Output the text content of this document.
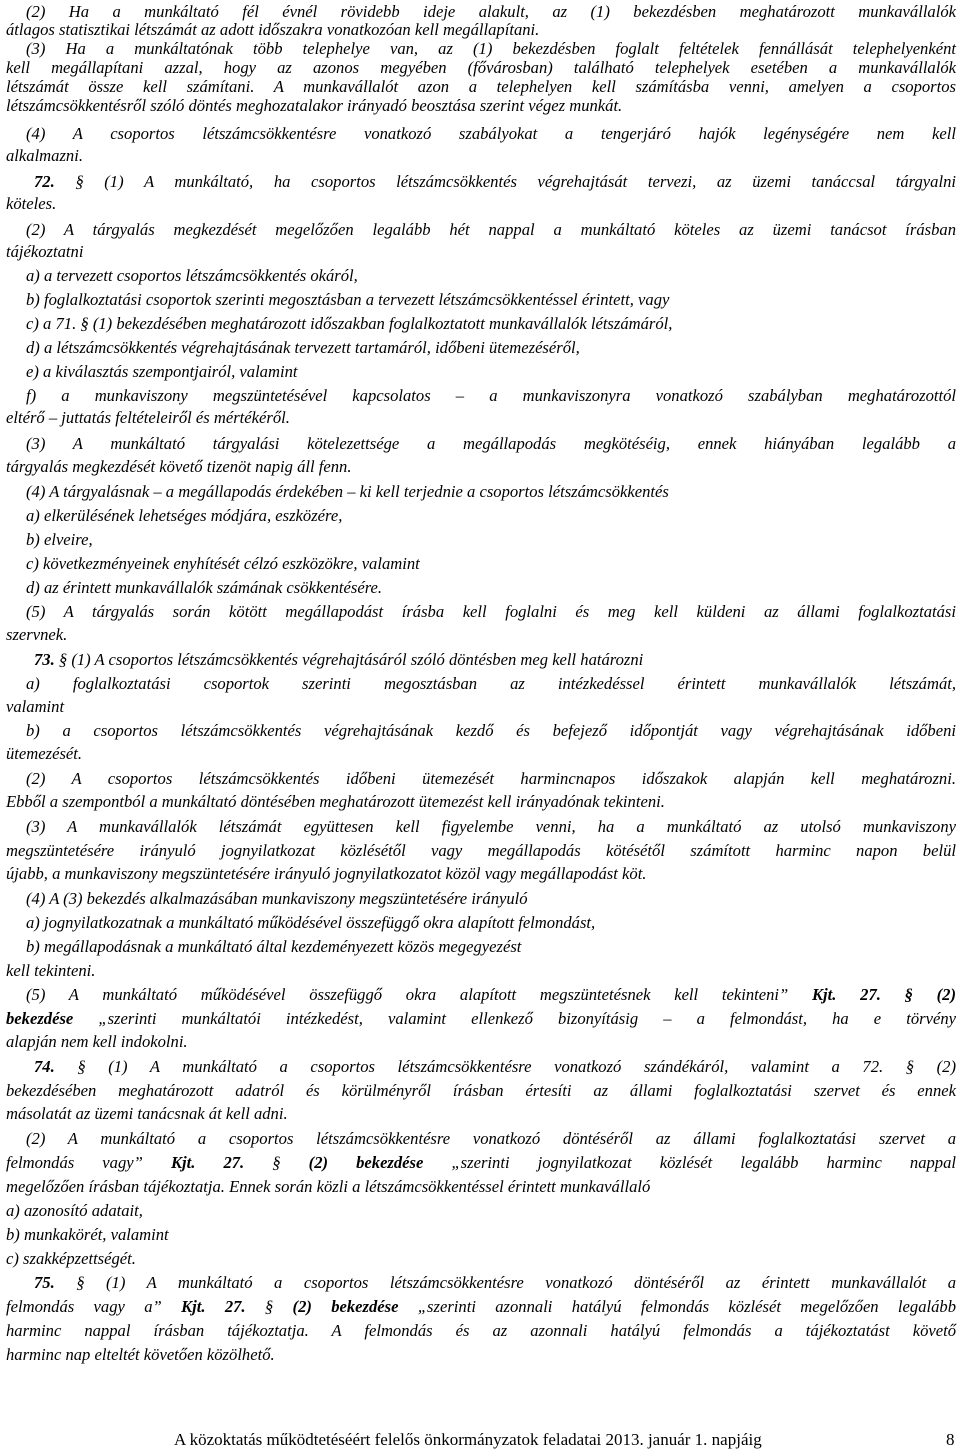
(2) Ha a munkáltató fél évnél rövidebb ideje alakult, az (1) bekezdésben meghatározott munkavállalók
átlagos statisztikai létszámát az adott időszakra vonatkozóan kell megállapítani.
(3) Ha a munkáltatónak több telephelye van, az (1) bekezdésben foglalt feltételek fennállását telephelyenként
kell megállapítani azzal, hogy az azonos megyében (fővárosban) található telephelyek esetében a munkavállalók
létszámát össze kell számítani. A munkavállalót azon a telephelyen kell számításba venni, amelyen a csoportos
létszámcsökkentésről szóló döntés meghozatalakor irányadó beosztása szerint végez munkát.
(4) A csoportos létszámcsökkentésre vonatkozó szabályokat a tengerjáró hajók legénységére nem kell
alkalmazni.
72. § (1) A munkáltató, ha csoportos létszámcsökkentés végrehajtását tervezi, az üzemi tanáccsal tárgyalni
köteles.
(2) A tárgyalás megkezdését megelőzően legalább hét nappal a munkáltató köteles az üzemi tanácsot írásban
tájékoztatni
a) a tervezett csoportos létszámcsökkentés okáról,
b) foglalkoztatási csoportok szerinti megosztásban a tervezett létszámcsökkentéssel érintett, vagy
c) a 71. § (1) bekezdésében meghatározott időszakban foglalkoztatott munkavállalók létszámáról,
d) a létszámcsökkentés végrehajtásának tervezett tartamáról, időbeni ütemezéséről,
e) a kiválasztás szempontjairól, valamint
f) a munkaviszony megszüntetésével kapcsolatos – a munkaviszonyra vonatkozó szabályban meghatározottól
eltérő – juttatás feltételeiről és mértékéről.
(3) A munkáltató tárgyalási kötelezettsége a megállapodás megkötéséig, ennek hiányában legalább a
tárgyalás megkezdését követő tizenöt napig áll fenn.
(4) A tárgyalásnak – a megállapodás érdekében – ki kell terjednie a csoportos létszámcsökkentés
a) elkerülésének lehetséges módjára, eszközére,
b) elveire,
c) következményeinek enyhítését célzó eszközökre, valamint
d) az érintett munkavállalók számának csökkentésére.
(5) A tárgyalás során kötött megállapodást írásba kell foglalni és meg kell küldeni az állami foglalkoztatási
szervnek.
73. § (1) A csoportos létszámcsökkentés végrehajtásáról szóló döntésben meg kell határozni
a) foglalkoztatási csoportok szerinti megosztásban az intézkedéssel érintett munkavállalók létszámát,
valamint
b) a csoportos létszámcsökkentés végrehajtásának kezdő és befejező időpontját vagy végrehajtásának időbeni
ütemezését.
(2) A csoportos létszámcsökkentés időbeni ütemezését harmincnapos időszakok alapján kell meghatározni.
Ebből a szempontból a munkáltató döntésében meghatározott ütemezést kell irányadónak tekinteni.
(3) A munkavállalók létszámát együttesen kell figyelembe venni, ha a munkáltató az utolsó munkaviszony
megszüntetésére irányuló jognyilatkozat közlésétől vagy megállapodás kötésétől számított harminc napon belül
újabb, a munkaviszony megszüntetésére irányuló jognyilatkozatot közöl vagy megállapodást köt.
(4) A (3) bekezdés alkalmazásában munkaviszony megszüntetésére irányuló
a) jognyilatkozatnak a munkáltató működésével összefüggő okra alapított felmondást,
b) megállapodásnak a munkáltató által kezdeményezett közös megegyezést
kell tekinteni.
(5) A munkáltató működésével összefüggő okra alapított megszüntetésnek kell tekinteni” Kjt. 27. § (2)
bekezdése „szerinti munkáltatói intézkedést, valamint ellenkező bizonyításig – a felmondást, ha e törvény
alapján nem kell indokolni.
74. § (1) A munkáltató a csoportos létszámcsökkentésre vonatkozó szándékáról, valamint a 72. § (2)
bekezdésében meghatározott adatról és körülményről írásban értesíti az állami foglalkoztatási szervet és ennek
másolatát az üzemi tanácsnak át kell adni.
(2) A munkáltató a csoportos létszámcsökkentésre vonatkozó döntéséről az állami foglalkoztatási szervet a
felmondás vagy” Kjt. 27. § (2) bekezdése „szerinti jognyilatkozat közlését legalább harminc nappal
megelőzően írásban tájékoztatja. Ennek során közli a létszámcsökkentéssel érintett munkavállaló
a) azonosító adatait,
b) munkakörét, valamint
c) szakképzettségét.
75. § (1) A munkáltató a csoportos létszámcsökkentésre vonatkozó döntéséről az érintett munkavállalót a
felmondás vagy a” Kjt. 27. § (2) bekezdése „szerinti azonnali hatályú felmondás közlését megelőzően legalább
harminc nappal írásban tájékoztatja. A felmondás és az azonnali hatályú felmondás a tájékoztatást követő
harminc nap elteltét követően közölhető.
A közoktatás működtetéséért felelős önkormányzatok feladatai 2013. január 1. napjáig	8
